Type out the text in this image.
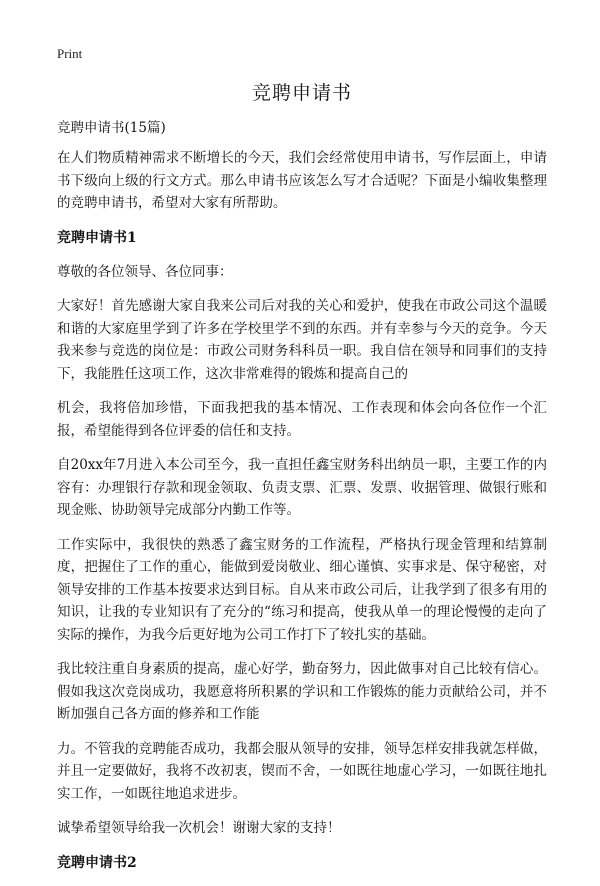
Print
竞聘申请书

竞聘申请书(15篇)

在人们物质精神需求不断增长的今天，我们会经常使用申请书，写作层面上，申请书下级向上级的行文方式。那么申请书应该怎么写才合适呢？下面是小编收集整理的竞聘申请书，希望对大家有所帮助。

竞聘申请书1

尊敬的各位领导、各位同事：

大家好！首先感谢大家自我来公司后对我的关心和爱护，使我在市政公司这个温暖和谐的大家庭里学到了许多在学校里学不到的东西。并有幸参与今天的竞争。今天我来参与竞选的岗位是：市政公司财务科科员一职。我自信在领导和同事们的支持下，我能胜任这项工作，这次非常难得的锻炼和提高自己的

机会，我将倍加珍惜，下面我把我的基本情况、工作表现和体会向各位作一个汇报，希望能得到各位评委的信任和支持。

自20xx年7月进入本公司至今，我一直担任鑫宝财务科出纳员一职，主要工作的内容有：办理银行存款和现金领取、负责支票、汇票、发票、收据管理、做银行账和现金账、协助领导完成部分内勤工作等。

工作实际中，我很快的熟悉了鑫宝财务的工作流程，严格执行现金管理和结算制度，把握住了工作的重心，能做到爱岗敬业、细心谨慎、实事求是、保守秘密，对领导安排的工作基本按要求达到目标。自从来市政公司后，让我学到了很多有用的知识，让我的专业知识有了充分的“练习和提高，使我从单一的理论慢慢的走向了实际的操作，为我今后更好地为公司工作打下了较扎实的基础。

我比较注重自身素质的提高，虚心好学，勤奋努力，因此做事对自己比较有信心。假如我这次竞岗成功，我愿意将所积累的学识和工作锻炼的能力贡献给公司，并不断加强自己各方面的修养和工作能

力。不管我的竞聘能否成功，我都会服从领导的安排，领导怎样安排我就怎样做，并且一定要做好，我将不改初衷，锲而不舍，一如既往地虚心学习，一如既往地扎实工作，一如既往地追求进步。

诚挚希望领导给我一次机会！谢谢大家的支持！

竞聘申请书2
